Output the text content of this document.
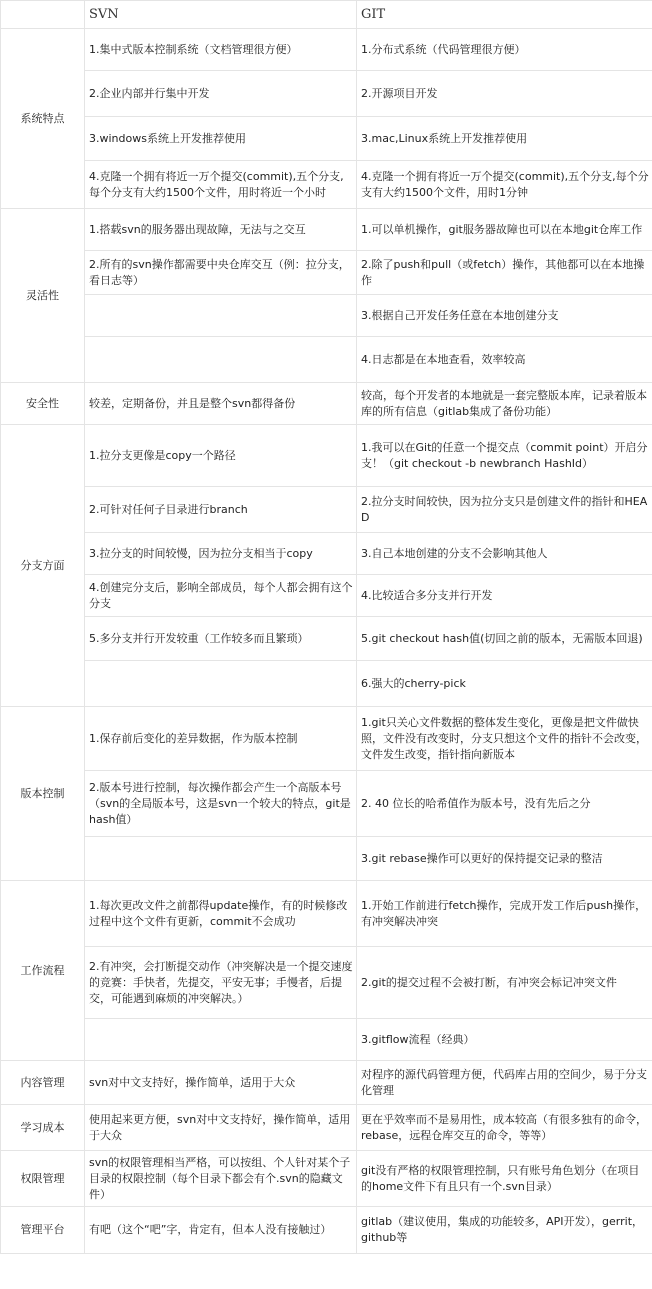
	SVN	GIT
系统特点	1.集中式版本控制系统（文档管理很方便）	1.分布式系统（代码管理很方便）
	2.企业内部并行集中开发	2.开源项目开发
	3.windows系统上开发推荐使用	3.mac,Linux系统上开发推荐使用
	4.克隆一个拥有将近一万个提交(commit),五个分支,每个分支有大约1500个文件，用时将近一个小时	4.克隆一个拥有将近一万个提交(commit),五个分支,每个分支有大约1500个文件，用时1分钟
灵活性	1.搭载svn的服务器出现故障，无法与之交互	1.可以单机操作，git服务器故障也可以在本地git仓库工作
	2.所有的svn操作都需要中央仓库交互（例：拉分支，看日志等）	2.除了push和pull（或fetch）操作，其他都可以在本地操作
		3.根据自己开发任务任意在本地创建分支
		4.日志都是在本地查看，效率较高
安全性	较差，定期备份，并且是整个svn都得备份	较高，每个开发者的本地就是一套完整版本库，记录着版本库的所有信息（gitlab集成了备份功能）
分支方面	1.拉分支更像是copy一个路径	1.我可以在Git的任意一个提交点（commit point）开启分支！（git checkout -b newbranch HashId）
	2.可针对任何子目录进行branch	2.拉分支时间较快，因为拉分支只是创建文件的指针和HEAD
	3.拉分支的时间较慢，因为拉分支相当于copy	3.自己本地创建的分支不会影响其他人
	4.创建完分支后，影响全部成员，每个人都会拥有这个分支	4.比较适合多分支并行开发
	5.多分支并行开发较重（工作较多而且繁琐）	5.git checkout hash值(切回之前的版本，无需版本回退)
		6.强大的cherry-pick
版本控制	1.保存前后变化的差异数据，作为版本控制	1.git只关心文件数据的整体发生变化，更像是把文件做快照，文件没有改变时，分支只想这个文件的指针不会改变，文件发生改变，指针指向新版本
	2.版本号进行控制，每次操作都会产生一个高版本号（svn的全局版本号，这是svn一个较大的特点，git是hash值）	2. 40 位长的哈希值作为版本号，没有先后之分
		3.git rebase操作可以更好的保持提交记录的整洁
工作流程	1.每次更改文件之前都得update操作，有的时候修改过程中这个文件有更新，commit不会成功	1.开始工作前进行fetch操作，完成开发工作后push操作，有冲突解决冲突
	2.有冲突，会打断提交动作（冲突解决是一个提交速度的竞赛：手快者，先提交，平安无事；手慢者，后提交，可能遇到麻烦的冲突解决。）	2.git的提交过程不会被打断，有冲突会标记冲突文件
		3.gitflow流程（经典）
内容管理	svn对中文支持好，操作简单，适用于大众	对程序的源代码管理方便，代码库占用的空间少，易于分支化管理
学习成本	使用起来更方便，svn对中文支持好，操作简单，适用于大众	更在乎效率而不是易用性，成本较高（有很多独有的命令，rebase，远程仓库交互的命令，等等）
权限管理	svn的权限管理相当严格，可以按组、个人针对某个子目录的权限控制（每个目录下都会有个.svn的隐藏文件）	git没有严格的权限管理控制，只有账号角色划分（在项目的home文件下有且只有一个.svn目录）
管理平台	有吧（这个“吧”字，肯定有，但本人没有接触过）	gitlab（建议使用，集成的功能较多，API开发），gerrit，github等
